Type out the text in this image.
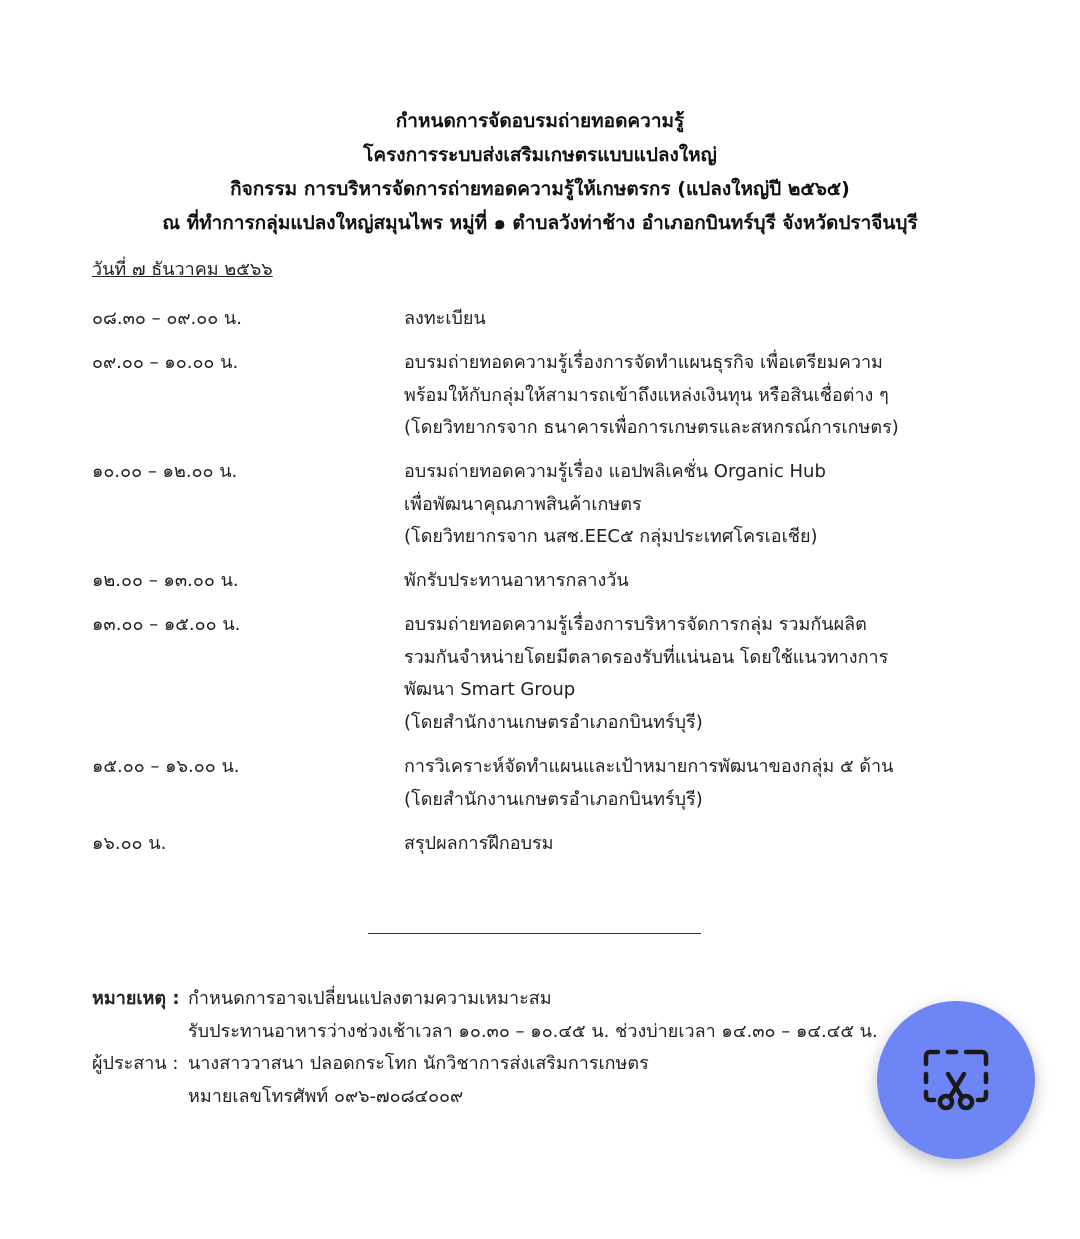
กำหนดการจัดอบรมถ่ายทอดความรู้
โครงการระบบส่งเสริมเกษตรแบบแปลงใหญ่
กิจกรรม การบริหารจัดการถ่ายทอดความรู้ให้เกษตรกร (แปลงใหญ่ปี ๒๕๖๕)
ณ ที่ทำการกลุ่มแปลงใหญ่สมุนไพร หมู่ที่ ๑ ตำบลวังท่าช้าง อำเภอกบินทร์บุรี จังหวัดปราจีนบุรี
วันที่ ๗ ธันวาคม ๒๕๖๖
๐๘.๓๐ – ๐๙.๐๐ น.	ลงทะเบียน
๐๙.๐๐ – ๑๐.๐๐ น.	อบรมถ่ายทอดความรู้เรื่องการจัดทำแผนธุรกิจ เพื่อเตรียมความ
พร้อมให้กับกลุ่มให้สามารถเข้าถึงแหล่งเงินทุน หรือสินเชื่อต่าง ๆ
(โดยวิทยากรจาก ธนาคารเพื่อการเกษตรและสหกรณ์การเกษตร)
๑๐.๐๐ – ๑๒.๐๐ น.	อบรมถ่ายทอดความรู้เรื่อง แอปพลิเคชั่น Organic Hub
เพื่อพัฒนาคุณภาพสินค้าเกษตร
(โดยวิทยากรจาก นสช.EEC๕ กลุ่มประเทศโครเอเชีย)
๑๒.๐๐ – ๑๓.๐๐ น.	พักรับประทานอาหารกลางวัน
๑๓.๐๐ – ๑๕.๐๐ น.	อบรมถ่ายทอดความรู้เรื่องการบริหารจัดการกลุ่ม รวมกันผลิต
รวมกันจำหน่ายโดยมีตลาดรองรับที่แน่นอน โดยใช้แนวทางการ
พัฒนา Smart Group
(โดยสำนักงานเกษตรอำเภอกบินทร์บุรี)
๑๕.๐๐ – ๑๖.๐๐ น.	การวิเคราะห์จัดทำแผนและเป้าหมายการพัฒนาของกลุ่ม ๕ ด้าน
(โดยสำนักงานเกษตรอำเภอกบินทร์บุรี)
๑๖.๐๐ น.	สรุปผลการฝึกอบรม
หมายเหตุ : กำหนดการอาจเปลี่ยนแปลงตามความเหมาะสม
รับประทานอาหารว่างช่วงเช้าเวลา ๑๐.๓๐ – ๑๐.๔๕ น. ช่วงบ่ายเวลา ๑๔.๓๐ – ๑๔.๔๕ น.
ผู้ประสาน : นางสาววาสนา ปลอดกระโทก นักวิชาการส่งเสริมการเกษตร
หมายเลขโทรศัพท์ ๐๙๖-๗๐๘๔๐๐๙
